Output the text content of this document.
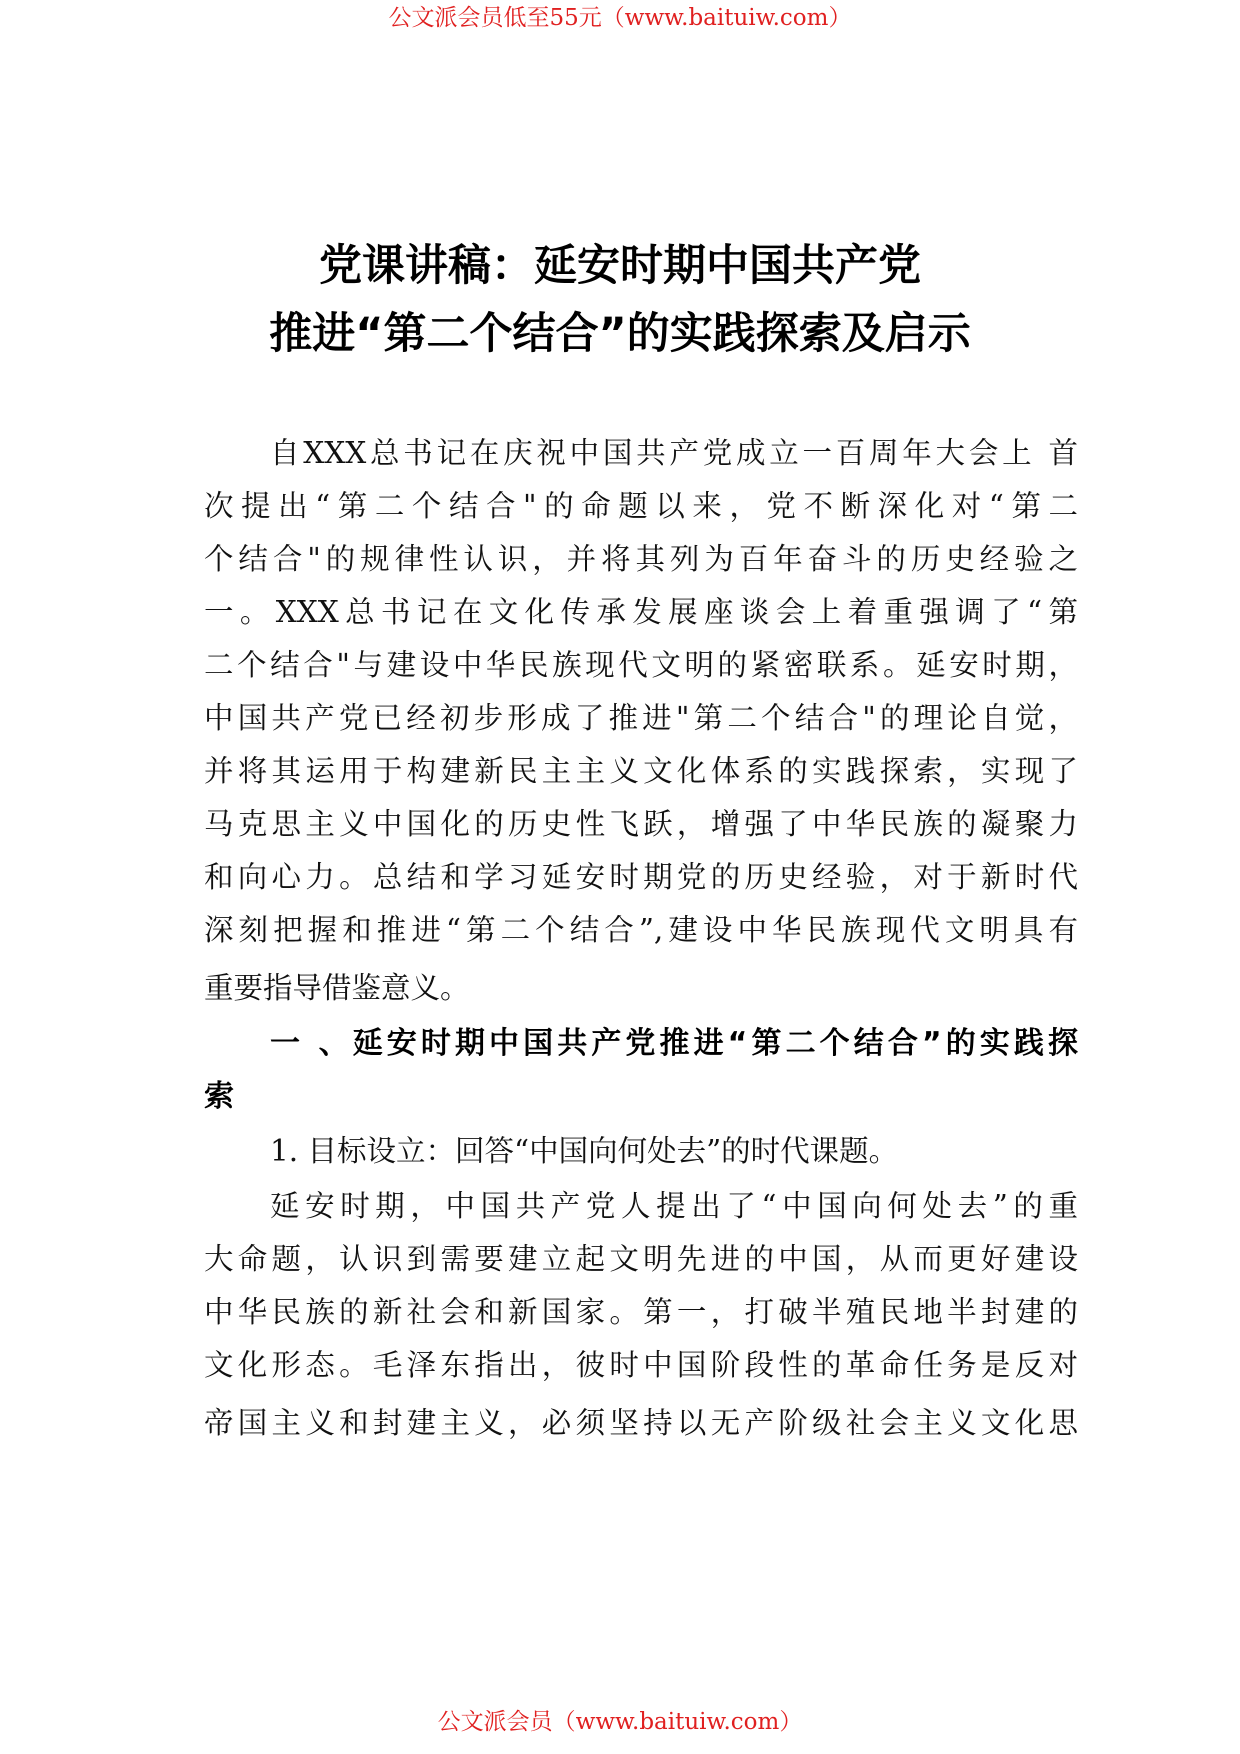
公文派会员低至55元（www.baituiw.com）
党课讲稿：延安时期中国共产党
推进“第二个结合”的实践探索及启示
自XXX总书记在庆祝中国共产党成立一百周年大会上 首
次提出“第二个结合"的命题以来，党不断深化对“第二
个结合"的规律性认识，并将其列为百年奋斗的历史经验之
一。XXX总书记在文化传承发展座谈会上着重强调了“第
二个结合"与建设中华民族现代文明的紧密联系。延安时期，
中国共产党已经初步形成了推进"第二个结合"的理论自觉，
并将其运用于构建新民主主义文化体系的实践探索，实现了
马克思主义中国化的历史性飞跃，增强了中华民族的凝聚力
和向心力。总结和学习延安时期党的历史经验，对于新时代
深刻把握和推进“第二个结合”,建设中华民族现代文明具有
重要指导借鉴意义。
一 、延安时期中国共产党推进“第二个结合”的实践探
索
1. 目标设立：回答“中国向何处去”的时代课题。
延安时期，中国共产党人提出了“中国向何处去”的重
大命题，认识到需要建立起文明先进的中国，从而更好建设
中华民族的新社会和新国家。第一，打破半殖民地半封建的
文化形态。毛泽东指出，彼时中国阶段性的革命任务是反对
帝国主义和封建主义，必须坚持以无产阶级社会主义文化思
公文派会员（www.baituiw.com）
